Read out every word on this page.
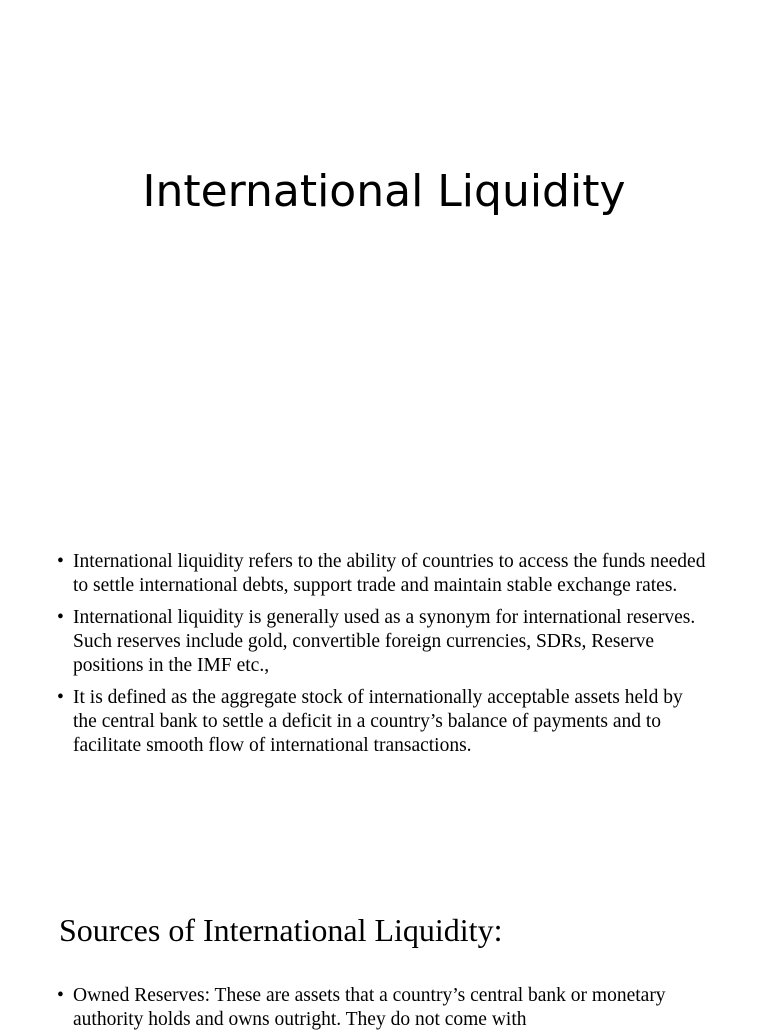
International Liquidity
• International liquidity refers to the ability of countries to access the funds needed to settle international debts, support trade and maintain stable exchange rates.
• International liquidity is generally used as a synonym for international reserves. Such reserves include gold, convertible foreign currencies, SDRs, Reserve positions in the IMF etc.,
• It is defined as the aggregate stock of internationally acceptable assets held by the central bank to settle a deficit in a country’s balance of payments and to facilitate smooth flow of international transactions.
Sources of International Liquidity:
• Owned Reserves: These are assets that a country’s central bank or monetary authority holds and owns outright. They do not come with
